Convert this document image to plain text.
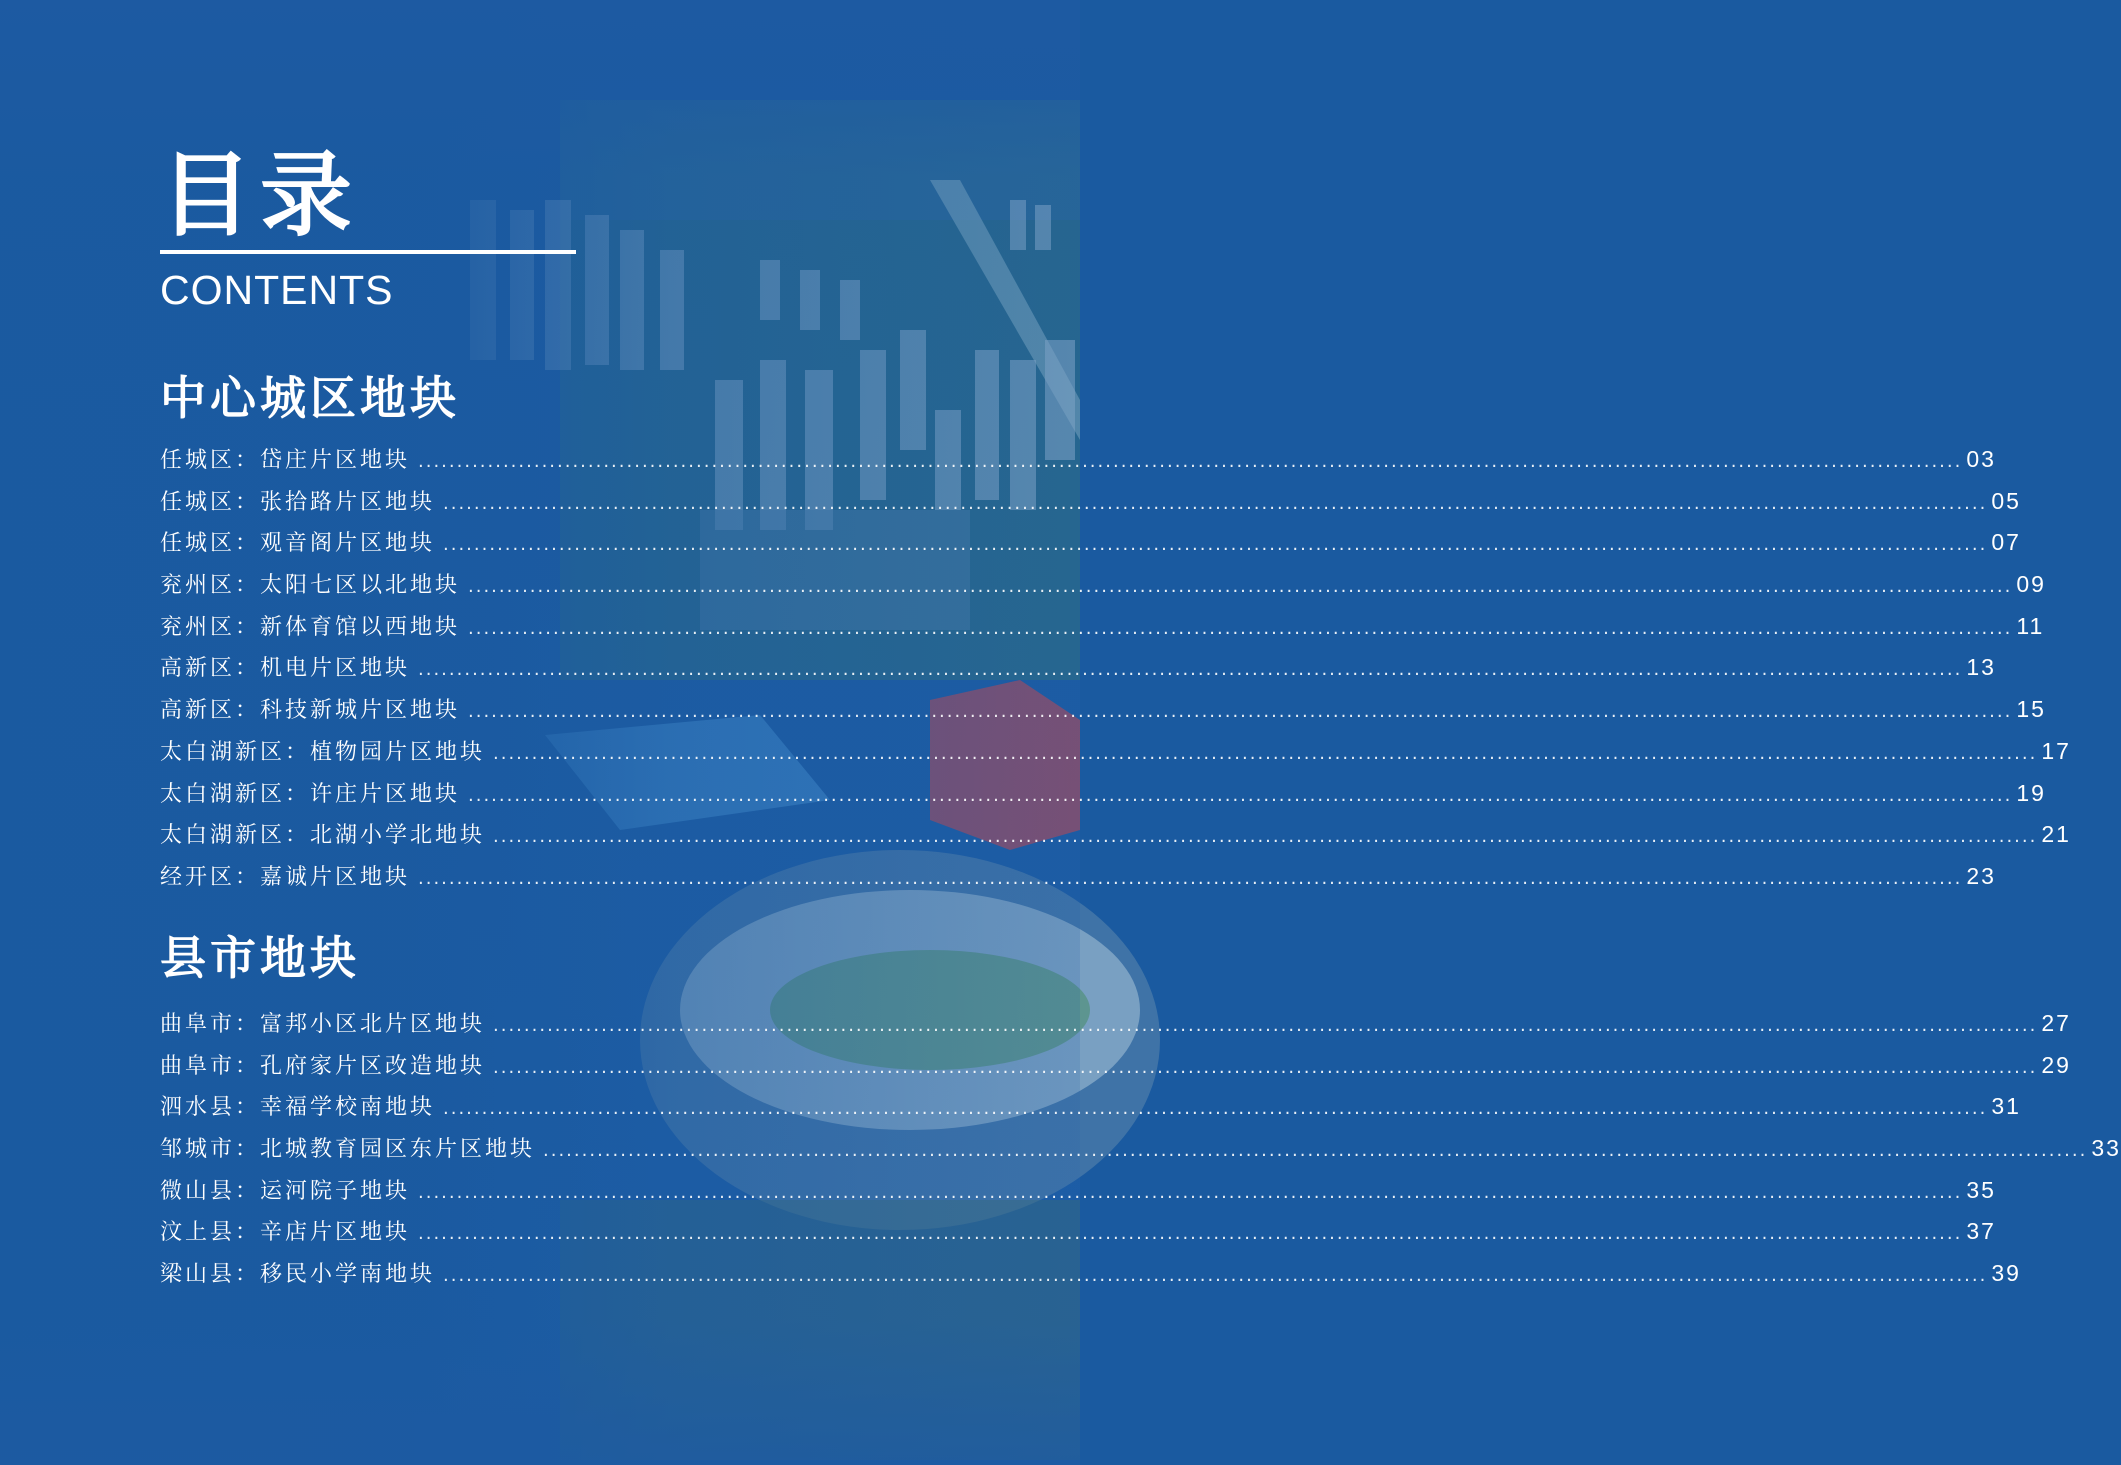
目录
CONTENTS
中心城区地块
任城区：岱庄片区地块 ........................................................................................................................................................................................................ 03
任城区：张拾路片区地块 ........................................................................................................................................................................................................ 05
任城区：观音阁片区地块 ........................................................................................................................................................................................................ 07
兖州区：太阳七区以北地块 ........................................................................................................................................................................................................ 09
兖州区：新体育馆以西地块 ........................................................................................................................................................................................................ 11
高新区：机电片区地块 ........................................................................................................................................................................................................ 13
高新区：科技新城片区地块 ........................................................................................................................................................................................................ 15
太白湖新区：植物园片区地块 ........................................................................................................................................................................................................ 17
太白湖新区：许庄片区地块 ........................................................................................................................................................................................................ 19
太白湖新区：北湖小学北地块 ........................................................................................................................................................................................................ 21
经开区：嘉诚片区地块 ........................................................................................................................................................................................................ 23
县市地块
曲阜市：富邦小区北片区地块 ........................................................................................................................................................................................................ 27
曲阜市：孔府家片区改造地块 ........................................................................................................................................................................................................ 29
泗水县：幸福学校南地块 ........................................................................................................................................................................................................ 31
邹城市：北城教育园区东片区地块 ........................................................................................................................................................................................................ 33
微山县：运河院子地块 ........................................................................................................................................................................................................ 35
汶上县：辛店片区地块 ........................................................................................................................................................................................................ 37
梁山县：移民小学南地块 ........................................................................................................................................................................................................ 39
